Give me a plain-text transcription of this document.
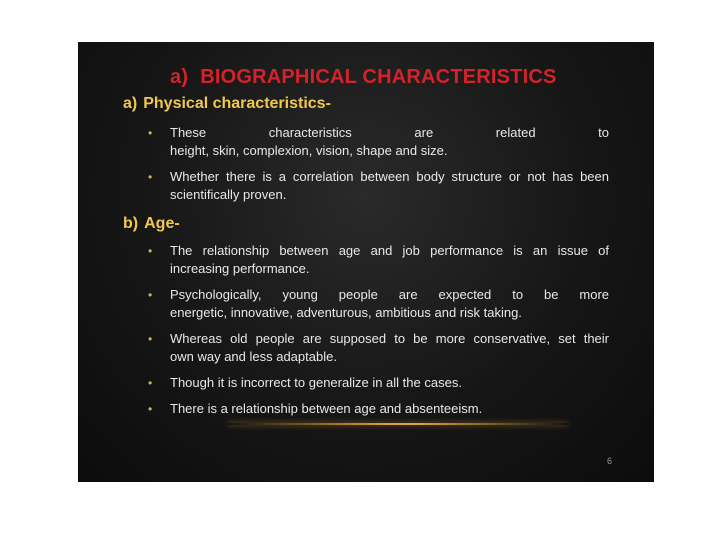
a) BIOGRAPHICAL CHARACTERISTICS
a) Physical characteristics-
• These characteristics are related to
height, skin, complexion, vision, shape and size.
• Whether there is a correlation between body structure or not has been
scientifically proven.
b) Age-
• The relationship between age and job performance is an issue of
increasing performance.
• Psychologically, young people are expected to be more
energetic, innovative, adventurous, ambitious and risk taking.
• Whereas old people are supposed to be more conservative, set their
own way and less adaptable.
• Though it is incorrect to generalize in all the cases.
• There is a relationship between age and absenteeism.
6
